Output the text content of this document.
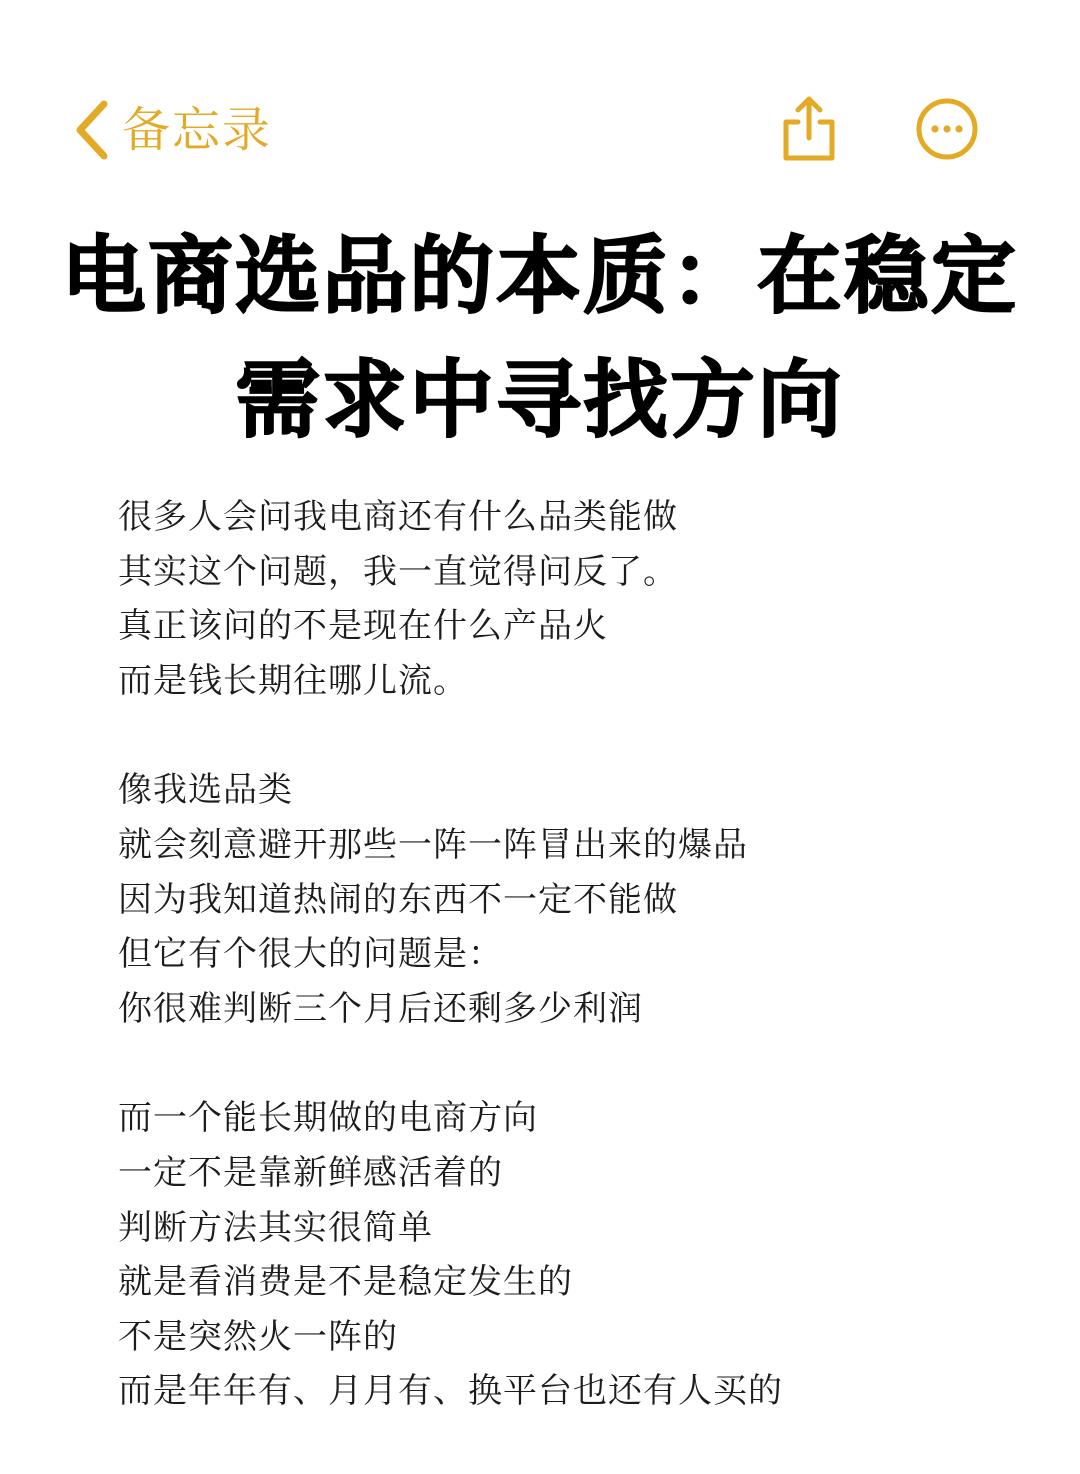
备忘录
电商选品的本质：在稳定
需求中寻找方向
很多人会问我电商还有什么品类能做
其实这个问题，我一直觉得问反了。
真正该问的不是现在什么产品火
而是钱长期往哪儿流。
像我选品类
就会刻意避开那些一阵一阵冒出来的爆品
因为我知道热闹的东西不一定不能做
但它有个很大的问题是：
你很难判断三个月后还剩多少利润
而一个能长期做的电商方向
一定不是靠新鲜感活着的
判断方法其实很简单
就是看消费是不是稳定发生的
不是突然火一阵的
而是年年有、月月有、换平台也还有人买的
